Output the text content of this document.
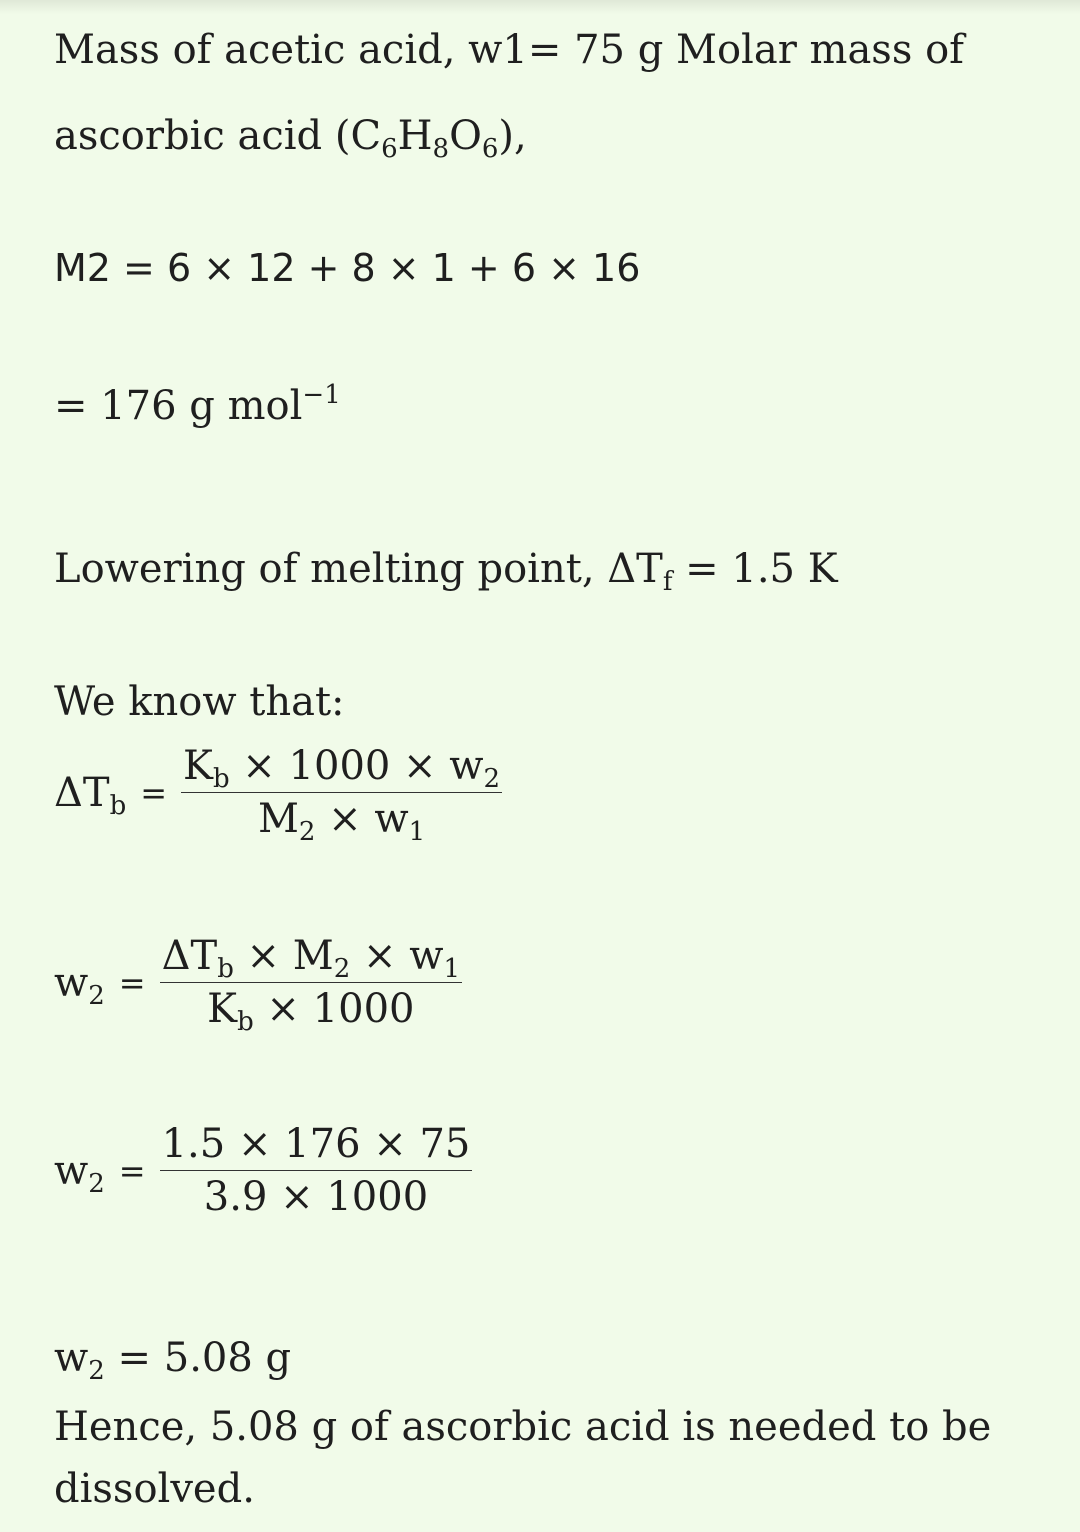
Mass of acetic acid, w1= 75 g Molar mass of
ascorbic acid $(C_6H_8O_6)$,
M2 = 6 × 12 + 8 × 1 + 6 × 16
= 176 g mol$^{-1}$
Lowering of melting point, $\Delta T_f = 1.5$ K
We know that:
$\Delta T_b = \frac{K_b \times 1000 \times w_2}{M_2 \times w_1}$
$w_2 = \frac{\Delta T_b \times M_2 \times w_1}{K_b \times 1000}$
$w_2 = \frac{1.5 \times 176 \times 75}{3.9 \times 1000}$
$w_2 = 5.08$ g
Hence, 5.08 g of ascorbic acid is needed to be dissolved.
